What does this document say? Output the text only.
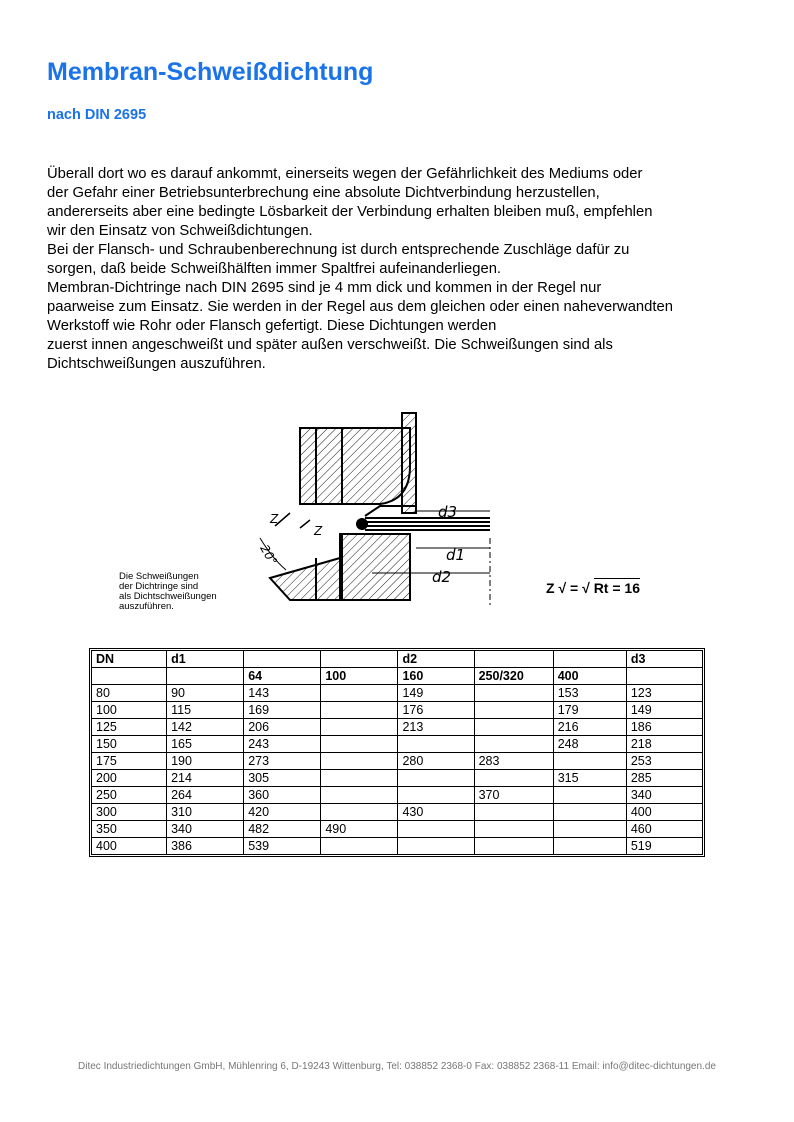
Membran-Schweißdichtung
nach DIN 2695
Überall dort wo es darauf ankommt, einerseits wegen der Gefährlichkeit des Mediums oder
der Gefahr einer Betriebsunterbrechung eine absolute Dichtverbindung herzustellen,
andererseits aber eine bedingte Lösbarkeit der Verbindung erhalten bleiben muß, empfehlen
wir den Einsatz von Schweißdichtungen.
Bei der Flansch- und Schraubenberechnung ist durch entsprechende Zuschläge dafür zu
sorgen, daß beide Schweißhälften immer Spaltfrei aufeinanderliegen.
Membran-Dichtringe nach DIN 2695 sind je 4 mm dick und kommen in der Regel nur
paarweise zum Einsatz. Sie werden in der Regel aus dem gleichen oder einen naheverwandten
Werkstoff wie Rohr oder Flansch gefertigt. Diese Dichtungen werden
zuerst innen angeschweißt und später außen verschweißt. Die Schweißungen sind als
Dichtschweißungen auszuführen.
d3
d1
d2
Z
Z
20°

Die Schweißungen
der Dichtringe sind
als Dichtschweißungen
auszuführen.

Z √ = √ Rt = 16
DN	d1			d2			d3
		64	100	160	250/320	400	
80	90	143		149		153	123
100	115	169		176		179	149
125	142	206		213		216	186
150	165	243				248	218
175	190	273		280	283		253
200	214	305				315	285
250	264	360			370		340
300	310	420		430			400
350	340	482	490				460
400	386	539					519
Ditec Industriedichtungen GmbH, Mühlenring 6, D-19243 Wittenburg, Tel: 038852 2368-0 Fax: 038852 2368-11 Email: info@ditec-dichtungen.de
